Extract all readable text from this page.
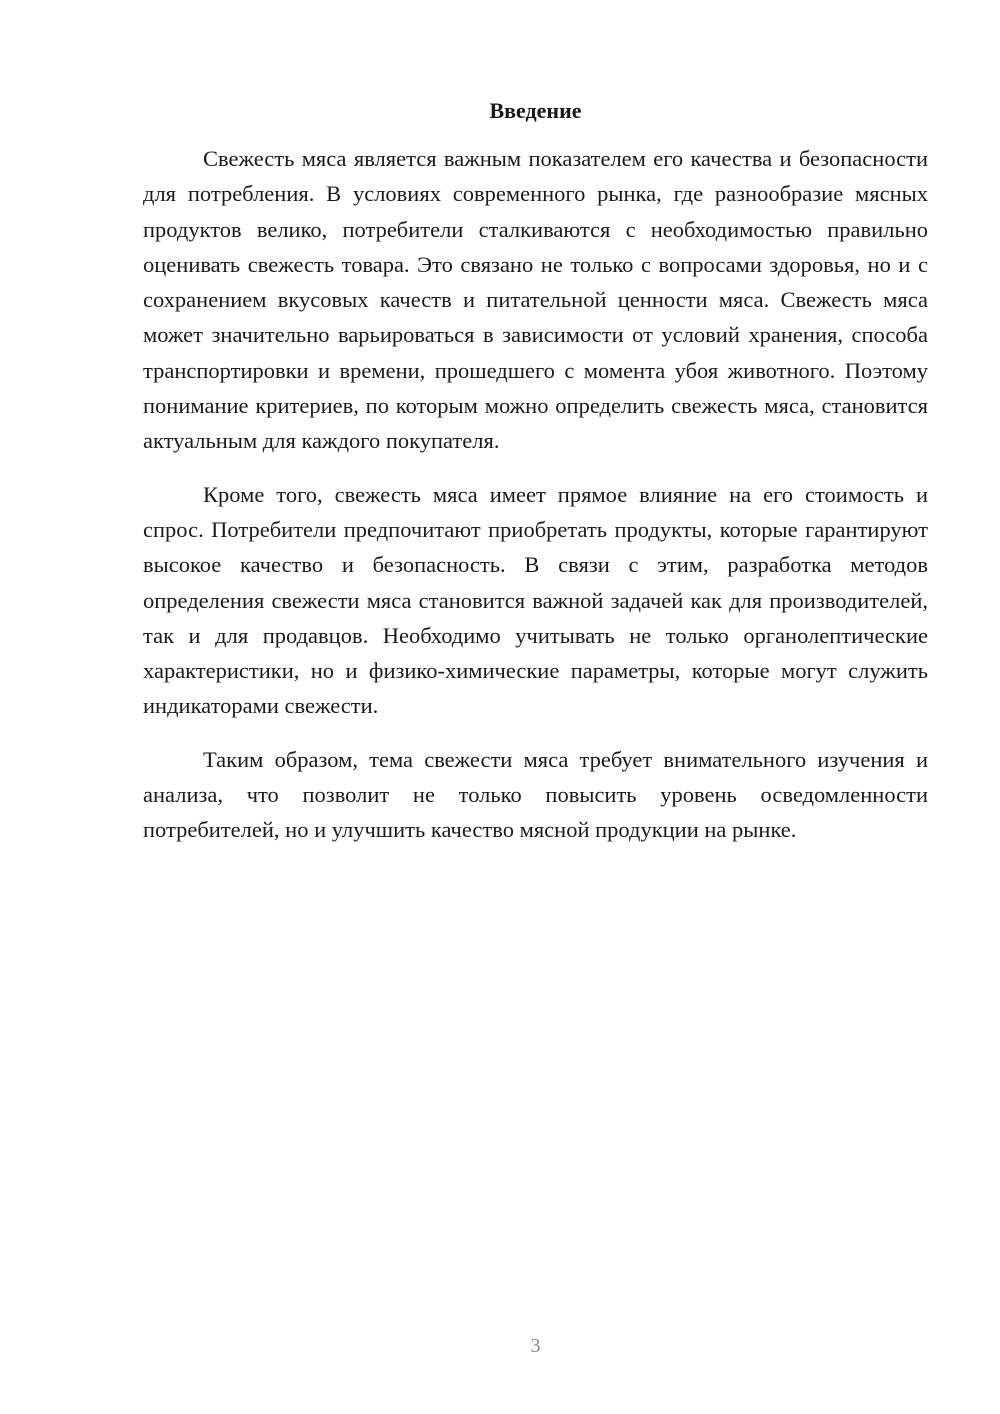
Введение

Свежесть мяса является важным показателем его качества и безопасности для потребления. В условиях современного рынка, где разнообразие мясных продуктов велико, потребители сталкиваются с необходимостью правильно оценивать свежесть товара. Это связано не только с вопросами здоровья, но и с сохранением вкусовых качеств и питательной ценности мяса. Свежесть мяса может значительно варьироваться в зависимости от условий хранения, способа транспортировки и времени, прошедшего с момента убоя животного. Поэтому понимание критериев, по которым можно определить свежесть мяса, становится актуальным для каждого покупателя.

Кроме того, свежесть мяса имеет прямое влияние на его стоимость и спрос. Потребители предпочитают приобретать продукты, которые гарантируют высокое качество и безопасность. В связи с этим, разработка методов определения свежести мяса становится важной задачей как для производителей, так и для продавцов. Необходимо учитывать не только органолептические характеристики, но и физико-химические параметры, которые могут служить индикаторами свежести.

Таким образом, тема свежести мяса требует внимательного изучения и анализа, что позволит не только повысить уровень осведомленности потребителей, но и улучшить качество мясной продукции на рынке.

3
